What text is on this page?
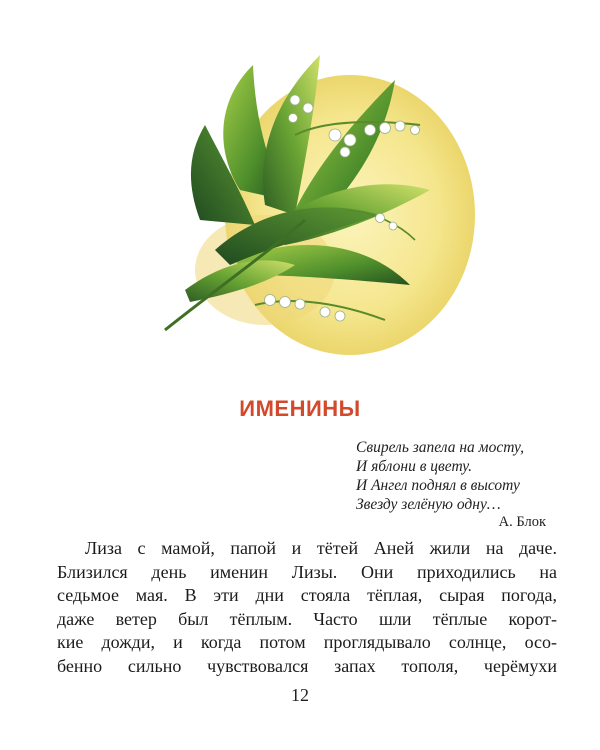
ИМЕНИНЫ
Свирель запела на мосту,
И яблони в цвету.
И Ангел поднял в высоту
Звезду зелёную одну…
А. Блок
Лиза с мамой, папой и тётей Аней жили на даче.
Близился день именин Лизы. Они приходились на
седьмое мая. В эти дни стояла тёплая, сырая погода,
даже ветер был тёплым. Часто шли тёплые корот-
кие дожди, и когда потом проглядывало солнце, осо-
бенно сильно чувствовался запах тополя, черёмухи
12
